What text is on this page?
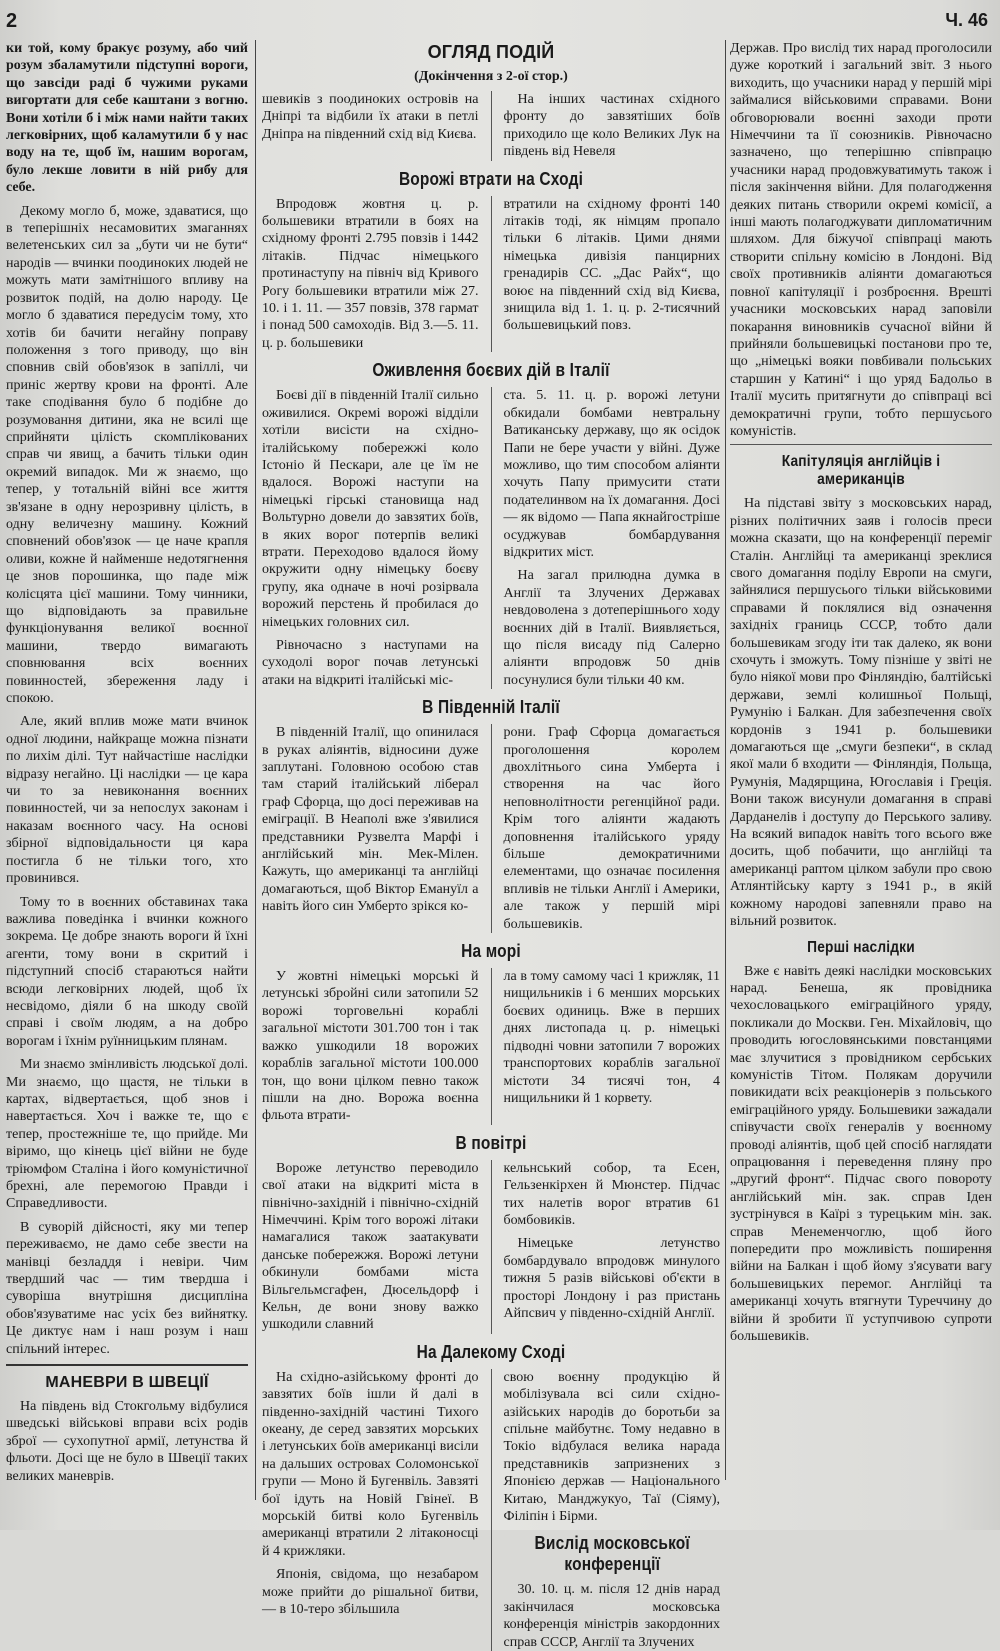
2	Ч. 46

ки той, кому бракує розуму, або чий розум збаламутили підступні вороги, що завсіди раді б чужими руками вигортати для себе каштани з вогню. Вони хотіли б і між нами найти таких легковірних, щоб каламутили б у нас воду на те, щоб їм, нашим ворогам, було лекше ловити в ній рибу для себе.

Декому могло б, може, здаватися, що в теперішніх несамовитих змаганнях велетенських сил за „бути чи не бути“ народів — вчинки поодиноких людей не можуть мати замітнішого впливу на розвиток подій, на долю народу. Це могло б здаватися передусім тому, хто хотів би бачити негайну поправу положення з того приводу, що він сповнив свій обов'язок в запіллі, чи приніс жертву крови на фронті. Але таке сподівання було б подібне до розумовання дитини, яка не всилі ще сприйняти цілість скомплікованих справ чи явищ, а бачить тільки один окремий випадок. Ми ж знаємо, що тепер, у тотальній війні все життя зв'язане в одну нерозривну цілість, в одну величезну машину. Кожний сповнений обов'язок — це наче крапля оливи, кожне й найменше недотягнення це знов порошинка, що паде між колісцята цієї машини. Тому чинники, що відповідають за правильне функціонування великої воєнної машини, твердо вимагають сповнювання всіх воєнних повинностей, збереження ладу і спокою.

Але, який вплив може мати вчинок одної людини, найкраще можна пізнати по лихім ділі. Тут найчастіше наслідки відразу негайно. Ці наслідки — це кара чи то за невиконання воєнних повинностей, чи за непослух законам і наказам воєнного часу. На основі збірної відповідальности ця кара постигла б не тільки того, хто провинився.

Тому то в воєнних обставинах така важлива поведінка і вчинки кожного зокрема. Це добре знають вороги й їхні агенти, тому вони в скритий і підступний спосіб стараються найти всюди легковірних людей, щоб їх несвідомо, діяли б на шкоду своїй справі і своїм людям, а на добро ворогам і їхнім руїнницьким плянам.

Ми знаємо змінливість людської долі. Ми знаємо, що щастя, не тільки в картах, відвертається, щоб знов і навертається. Хоч і важке те, що є тепер, простежніше те, що прийде. Ми віримо, що кінець цієї війни не буде тріюмфом Сталіна і його комуністичної брехні, але перемогою Правди і Справедливости.

В суворій дійсності, яку ми тепер переживаємо, не дамо себе звести на манівці безладдя і невіри. Чим твердший час — тим твердша і суворіша внутрішня дисципліна обов'язуватиме нас усіх без вийнятку. Це диктує нам і наш розум і наш спільний інтерес.

МАНЕВРИ В ШВЕЦІЇ

На південь від Стокгольму відбулися шведські військові вправи всіх родів зброї — сухопутної армії, летунства й фльоти. Досі ще не було в Швеції таких великих маневрів.

ОГЛЯД ПОДІЙ
(Докінчення з 2-ої стор.)

шевиків з поодиноких островів на Дніпрі та відбили їх атаки в петлі Дніпра на південний схід від Києва.

На інших частинах східного фронту до завзятіших боїв приходило ще коло Великих Лук на південь від Невеля

Ворожі втрати на Сході

Впродовж жовтня ц. р. большевики втратили в боях на східному фронті 2.795 повзів і 1442 літаків. Підчас німецького протинаступу на північ від Кривого Рогу большевики втратили між 27. 10. і 1. 11. — 357 повзів, 378 гармат і понад 500 самоходів. Від 3.—5. 11. ц. р. большевики

втратили на східному фронті 140 літаків тоді, як німцям пропало тільки 6 літаків. Цими днями німецька дивізія панцирних гренадирів СС. „Дас Райх“, що воює на південний схід від Києва, знищила від 1. 1. ц. р. 2-тисячний большевицький повз.

Оживлення боєвих дій в Італії

Боєві дії в південній Італії сильно оживилися. Окремі ворожі відділи хотіли висісти на східно-італійському побережжі коло Істоніо й Пескари, але це їм не вдалося. Ворожі наступи на німецькі гірські становища над Вольтурно довели до завзятих боїв, в яких ворог потерпів великі втрати. Переходово вдалося йому окружити одну німецьку боєву групу, яка одначе в ночі розірвала ворожий перстень й пробилася до німецьких головних сил.

Рівночасно з наступами на суходолі ворог почав летунські атаки на відкриті італійські міс-

ста. 5. 11. ц. р. ворожі летуни обкидали бомбами невтральну Ватиканську державу, що як осідок Папи не бере участи у війні. Дуже можливо, що тим способом аліянти хочуть Папу примусити стати подателинвом на їх домагання. Досі — як відомо — Папа якнайгостріше осуджував бомбардування відкритих міст.

На загал прилюдна думка в Англії та Злучених Державах невдоволена з дотеперішнього ходу воєнних дій в Італії. Виявляється, що після висаду під Салерно аліянти впродовж 50 днів посунулися були тільки 40 км.

В Південній Італії

В південній Італії, що опинилася в руках аліянтів, відносини дуже заплутані. Головною особою став там старий італійський ліберал граф Сфорца, що досі переживав на еміграції. В Неаполі вже з'явилися представники Рузвелта Марфі і англійський мін. Мек-Мілен. Кажуть, що американці та англійці домагаються, щоб Віктор Емануїл а навіть його син Умберто зрікся ко-

рони. Граф Сфорца домагається проголошення королем двохлітнього сина Умберта і створення на час його неповнолітности регенційної ради. Крім того аліянти жадають доповнення італійського уряду більше демократичними елементами, що означає посилення впливів не тільки Англії і Америки, але також у першій мірі большевиків.

На морі

У жовтні німецькі морські й летунські збройні сили затопили 52 ворожі торговельні кораблі загальної містоти 301.700 тон і так важко ушкодили 18 ворожих кораблів загальної містоти 100.000 тон, що вони цілком певно також пішли на дно. Ворожа воєнна фльота втрати-

ла в тому самому часі 1 крижляк, 11 нищильників і 6 менших морських боєвих одиниць. Вже в перших днях листопада ц. р. німецькі підводні човни затопили 7 ворожих транспортових кораблів загальної містоти 34 тисячі тон, 4 нищильники й 1 корвету.

В повітрі

Вороже летунство переводило свої атаки на відкриті міста в північно-західній і північно-східній Німеччині. Крім того ворожі літаки намагалися також заатакувати данське побережжя. Ворожі летуни обкинули бомбами міста Вільгельмсгафен, Дюсельдорф і Кельн, де вони знову важко ушкодили славний

кельнський собор, та Есен, Гельзенкірхен й Мюнстер. Підчас тих налетів ворог втратив 61 бомбовиків.

Німецьке летунство бомбардувало впродовж минулого тижня 5 разів військові об'єкти в просторі Лондону і раз пристань Айпсвич у південно-східній Англії.

На Далекому Сході

На східно-азійському фронті до завзятих боїв ішли й далі в південно-західній частині Тихого океану, де серед завзятих морських і летунських боїв американці висіли на дальших островах Соломонської групи — Моно й Бугенвіль. Завзяті бої ідуть на Новій Гвінеї. В морській битві коло Бугенвіль американці втратили 2 літаконосці й 4 крижляки.

Японія, свідома, що незабаром може прийти до рішальної битви, — в 10-теро збільшила

свою воєнну продукцію й мобілізувала всі сили східно-азійських народів до боротьби за спільне майбутнє. Тому недавно в Токіо відбулася велика нарада представників запризнених з Японією держав — Національного Китаю, Манджукуо, Таї (Сіяму), Філіпін і Бірми.

Вислід московської конференції

30. 10. ц. м. після 12 днів нарад закінчилася московська конференція міністрів закордонних справ СССР, Англії та Злучених

Держав. Про вислід тих нарад проголосили дуже короткий і загальний звіт. З нього виходить, що учасники нарад у першій мірі займалися військовими справами. Вони обговорювали воєнні заходи проти Німеччини та її союзників. Рівночасно зазначено, що теперішню співпрацю учасники нарад продовжуватимуть також і після закінчення війни. Для полагодження деяких питань створили окремі комісії, а інші мають полагоджувати дипломатичним шляхом. Для біжучої співпраці мають створити спільну комісію в Лондоні. Від своїх противників аліянти домагаються повної капітуляції і розброєння. Врешті учасники московських нарад заповіли покарання виновників сучасної війни й прийняли большевицькі постанови про те, що „німецькі вояки повбивали польських старшин у Катині“ і що уряд Бадольо в Італії мусить притягнути до співпраці всі демократичні групи, тобто першусього комуністів.

Капітуляція англійців і американців

На підставі звіту з московських нарад, різних політичних заяв і голосів преси можна сказати, що на конференції переміг Сталін. Англійці та американці зреклися свого домагання поділу Европи на смуги, зайнялися першусього тільки військовими справами й поклялися від означення західніх границь СССР, тобто дали большевикам згоду іти так далеко, як вони схочуть і зможуть. Тому пізніше у звіті не було ніякої мови про Фінляндію, балтійські держави, землі колишньої Польщі, Румунію і Балкан. Для забезпечення своїх кордонів з 1941 р. большевики домагаються ще „смуги безпеки“, в склад якої мали б входити — Фінляндія, Польща, Румунія, Мадярщина, Югославія і Греція. Вони також висунули домагання в справі Дарданелів і доступу до Перського заливу. На всякий випадок навіть того всього вже досить, щоб побачити, що англійці та американці раптом цілком забули про свою Атлянтійську карту з 1941 р., в якій кожному народові запевняли право на вільний розвиток.

Перші наслідки

Вже є навіть деякі наслідки московських нарад. Бенеша, як провідника чехословацького еміграційного уряду, покликали до Москви. Ген. Міхайловіч, що проводить югословянськими повстанцями має злучитися з провідником сербських комуністів Тітом. Полякам доручили повикидати всіх реакціонерів з польського еміграційного уряду. Большевики зажадали співучасти своїх генералів у воєнному проводі аліянтів, щоб цей спосіб наглядати опрацювання і переведення пляну про „другий фронт“. Підчас свого повороту англійський мін. зак. справ Іден зустрінувся в Каїрі з турецьким мін. зак. справ Менеменчоглю, щоб його попередити про можливість поширення війни на Балкан і щоб йому з'ясувати вагу большевицьких перемог. Англійці та американці хочуть втягнути Туреччину до війни й зробити її уступчивою супроти большевиків.
